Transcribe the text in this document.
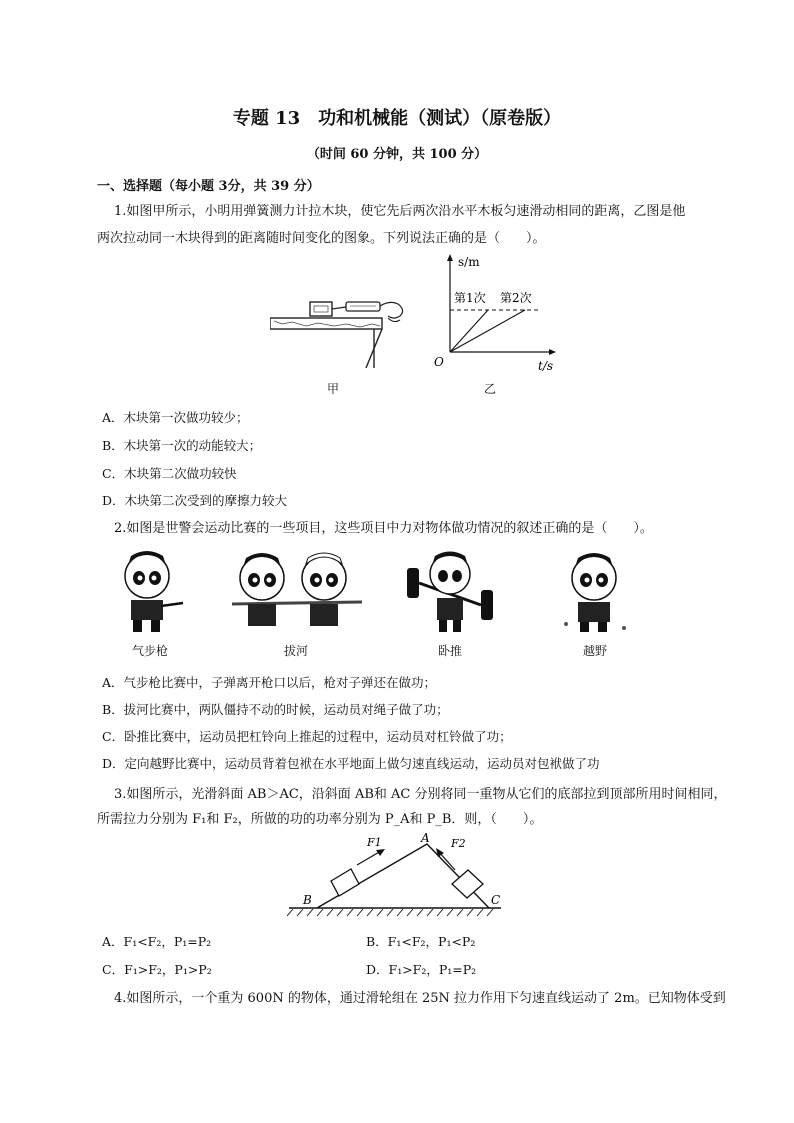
专题 13　功和机械能（测试）（原卷版）
（时间 60 分钟，共 100 分）
一、选择题（每小题 3分，共 39 分）
1.如图甲所示，小明用弹簧测力计拉木块，使它先后两次沿水平木板匀速滑动相同的距离，乙图是他
两次拉动同一木块得到的距离随时间变化的图象。下列说法正确的是（　　）。
甲
s/m
t/s
O
第1次 第2次
乙
A．木块第一次做功较少；
B．木块第一次的动能较大；
C．木块第二次做功较快
D．木块第二次受到的摩擦力较大
2.如图是世警会运动比赛的一些项目，这些项目中力对物体做功情况的叙述正确的是（　　）。
气步枪	拔河	卧推	越野
A．气步枪比赛中，子弹离开枪口以后，枪对子弹还在做功；
B．拔河比赛中，两队僵持不动的时候，运动员对绳子做了功；
C．卧推比赛中，运动员把杠铃向上推起的过程中，运动员对杠铃做了功；
D．定向越野比赛中，运动员背着包袱在水平地面上做匀速直线运动，运动员对包袱做了功
3.如图所示，光滑斜面 AB＞AC，沿斜面 AB和 AC 分别将同一重物从它们的底部拉到顶部所用时间相同，
所需拉力分别为 F₁和 F₂，所做的功的功率分别为 P_A和 P_B．则，（　　）。
A
B	C
F1	F2
A．F₁<F₂，P₁=P₂	B．F₁<F₂，P₁<P₂
C．F₁>F₂，P₁>P₂	D．F₁>F₂，P₁=P₂
4.如图所示，一个重为 600N 的物体，通过滑轮组在 25N 拉力作用下匀速直线运动了 2m。已知物体受到
